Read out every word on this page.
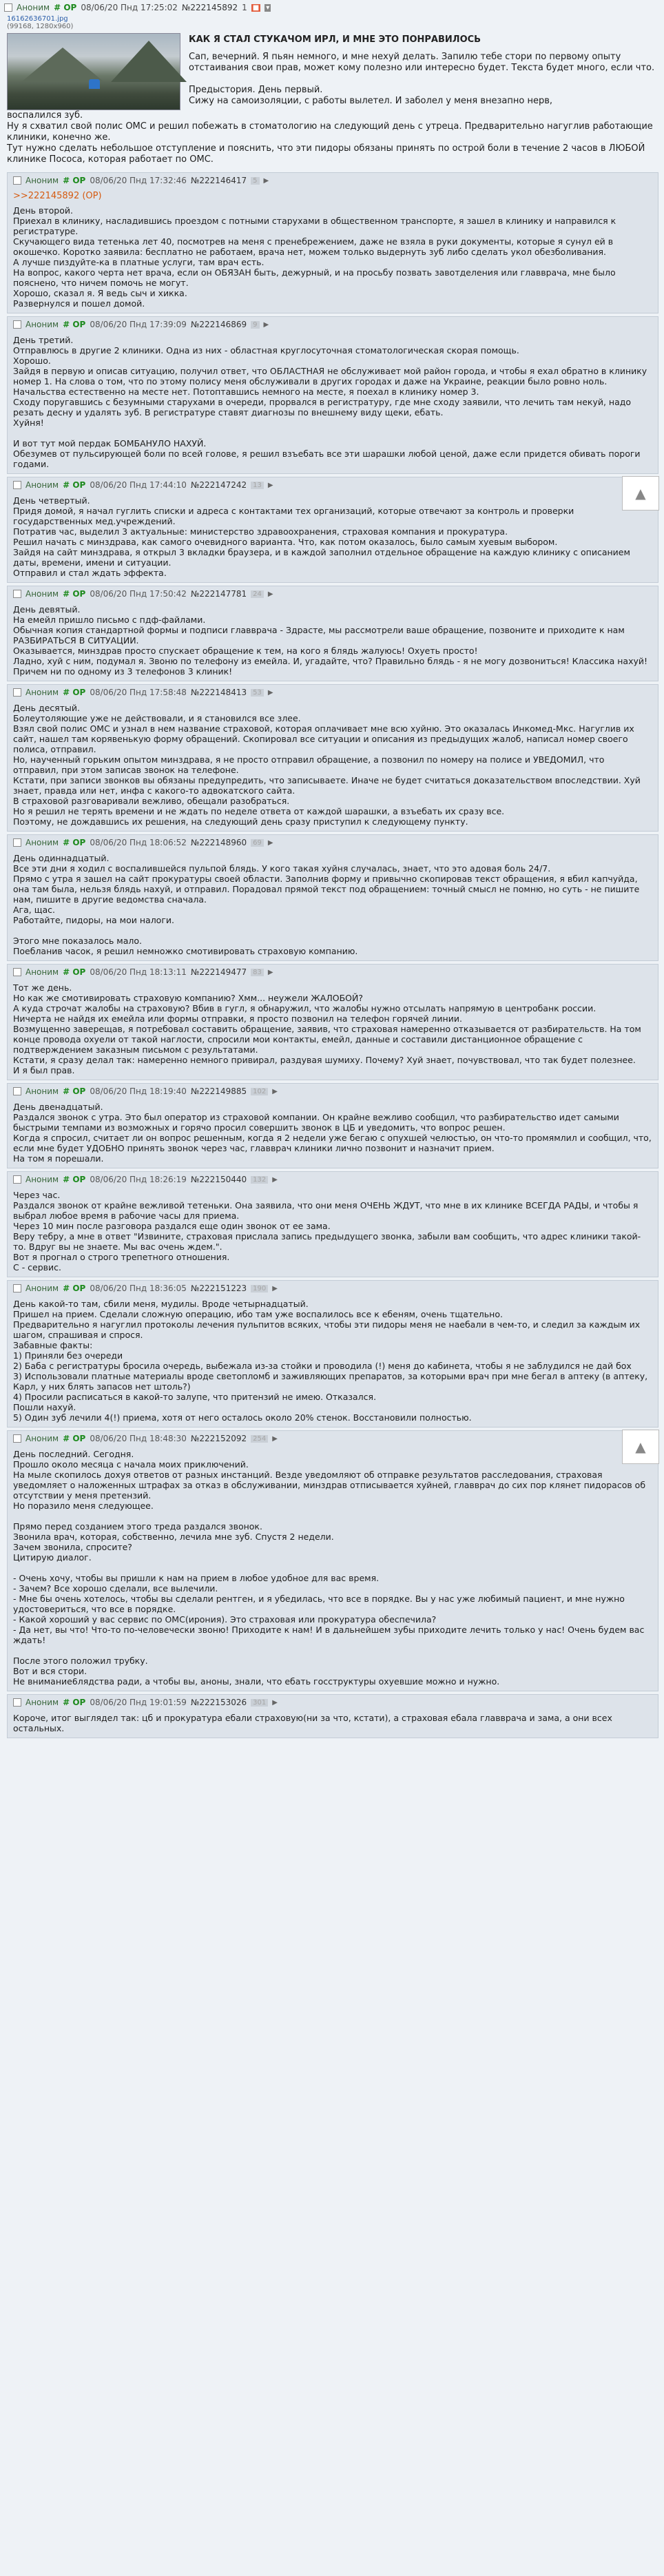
Аноним # OP 08/06/20 Пнд 17:25:02 №222145892 1 ■ ▾
16162636701.jpg
(99168, 1280x960)
КАК Я СТАЛ СТУКАЧОМ ИРЛ, И МНЕ ЭТО ПОНРАВИЛОСЬ
Сап, вечерний. Я пьян немного, и мне нехуй делать. Запилю тебе стори по первому опыту отстаивания свои прав, может кому полезно или интересно будет. Текста будет много, если что.

Предыстория. День первый.
Сижу на самоизоляции, с работы вылетел. И заболел у меня внезапно нерв,
воспалился зуб.
Ну я схватил свой полис ОМС и решил побежать в стоматологию на следующий день с утреца. Предварительно нагуглив работающие клиники, конечно же.
Тут нужно сделать небольшое отступление и пояснить, что эти пидоры обязаны принять по острой боли в течение 2 часов в ЛЮБОЙ клинике Пососа, которая работает по ОМС.
Аноним # OP 08/06/20 Пнд 17:32:46 №222146417 5 ▶
>>222145892 (OP)
День второй.
Приехал в клинику, насладившись проездом с потными старухами в общественном транспорте, я зашел в клинику и направился к регистратуре.
Скучающего вида тетенька лет 40, посмотрев на меня с пренебрежением, даже не взяла в руки документы, которые я сунул ей в окошечко. Коротко заявила: бесплатно не работаем, врача нет, можем только выдернуть зуб либо сделать укол обезболивания.
А лучше пиздуйте-ка в платные услуги, там врач есть.
На вопрос, какого черта нет врача, если он ОБЯЗАН быть, дежурный, и на просьбу позвать завотделения или главврача, мне было пояснено, что ничем помочь не могут.
Хорошо, сказал я. Я ведь сыч и хикка.
Развернулся и пошел домой.
Аноним # OP 08/06/20 Пнд 17:39:09 №222146869 9 ▶
День третий.
Отправлюсь в другие 2 клиники. Одна из них - областная круглосуточная стоматологическая скорая помощь.
Хорошо.
Зайдя в первую и описав ситуацию, получил ответ, что ОБЛАСТНАЯ не обслуживает мой район города, и чтобы я ехал обратно в клинику номер 1. На слова о том, что по этому полису меня обслуживали в других городах и даже на Украине, реакции было ровно ноль. Начальства естественно на месте нет. Потоптавшись немного на месте, я поехал в клинику номер 3.
Сходу поругавшись с безумными старухами в очереди, прорвался в регистратуру, где мне сходу заявили, что лечить там некуй, надо резать десну и удалять зуб. В регистратуре ставят диагнозы по внешнему виду щеки, ебать.
Хуйня!

И вот тут мой пердак БОМБАНУЛО НАХУЙ.
Обезумев от пульсирующей боли по всей голове, я решил взъебать все эти шарашки любой ценой, даже если придется обивать пороги годами.
Аноним # OP 08/06/20 Пнд 17:44:10 №222147242 13 ▶
День четвертый.
Придя домой, я начал гуглить списки и адреса с контактами тех организаций, которые отвечают за контроль и проверки государственных мед.учреждений.
Потратив час, выделил 3 актуальные: министерство здравоохранения, страховая компания и прокуратура.
Решил начать с минздрава, как самого очевидного варианта. Что, как потом оказалось, было самым хуевым выбором.
Зайдя на сайт минздрава, я открыл 3 вкладки браузера, и в каждой заполнил отдельное обращение на каждую клинику с описанием даты, времени, имени и ситуации.
Отправил и стал ждать эффекта.
▲
Аноним # OP 08/06/20 Пнд 17:50:42 №222147781 24 ▶
День девятый.
На емейл пришло письмо с пдф-файлами.
Обычная копия стандартной формы и подписи главврача - Здрасте, мы рассмотрели ваше обращение, позвоните и приходите к нам РАЗБИРАТЬСЯ В СИТУАЦИИ.
Оказывается, минздрав просто спускает обращение к тем, на кого я блядь жалуюсь! Охуеть просто!
Ладно, хуй с ним, подумал я. Звоню по телефону из емейла. И, угадайте, что? Правильно блядь - я не могу дозвониться! Классика нахуй! Причем ни по одному из 3 телефонов 3 клиник!
Аноним # OP 08/06/20 Пнд 17:58:48 №222148413 53 ▶
День десятый.
Болеутоляющие уже не действовали, и я становился все злее.
Взял свой полис ОМС и узнал в нем название страховой, которая оплачивает мне всю хуйню. Это оказалась Инкомед-Мкс. Нагуглив их сайт, нашел там корявенькую форму обращений. Скопировал все ситуации и описания из предыдущих жалоб, написал номер своего полиса, отправил.
Но, наученный горьким опытом минздрава, я не просто отправил обращение, а позвонил по номеру на полисе и УВЕДОМИЛ, что отправил, при этом записав звонок на телефоне.
Кстати, при записи звонков вы обязаны предупредить, что записываете. Иначе не будет считаться доказательством впоследствии. Хуй знает, правда или нет, инфа с какого-то адвокатского сайта.
В страховой разговаривали вежливо, обещали разобраться.
Но я решил не терять времени и не ждать по неделе ответа от каждой шарашки, а взъебать их сразу все.
Поэтому, не дождавшись их решения, на следующий день сразу приступил к следующему пункту.
Аноним # OP 08/06/20 Пнд 18:06:52 №222148960 69 ▶
День одиннадцатый.
Все эти дни я ходил с воспалившейся пульпой блядь. У кого такая хуйня случалась, знает, что это адовая боль 24/7.
Прямо с утра я зашел на сайт прокуратуры своей области. Заполнив форму и привычно скопировав текст обращения, я вбил капчуйда, она там была, нельзя блядь нахуй, и отправил. Порадовал прямой текст под обращением: точный смысл не помню, но суть - не пишите нам, пишите в другие ведомства сначала.
Ага, щас.
Работайте, пидоры, на мои налоги.

Этого мне показалось мало.
Поебланив часок, я решил немножко смотивировать страховую компанию.
Аноним # OP 08/06/20 Пнд 18:13:11 №222149477 83 ▶
Тот же день.
Но как же смотивировать страховую компанию? Хмм... неужели ЖАЛОБОЙ?
А куда строчат жалобы на страховую? Вбив в гугл, я обнаружил, что жалобы нужно отсылать напрямую в центробанк россии.
Ничерта не найдя их емейла или формы отправки, я просто позвонил на телефон горячей линии.
Возмущенно заверещав, я потребовал составить обращение, заявив, что страховая намеренно отказывается от разбирательств. На том конце провода охуели от такой наглости, спросили мои контакты, емейл, данные и составили дистанционное обращение с подтверждением заказным письмом с результатами.
Кстати, я сразу делал так: намеренно немного привирал, раздувая шумиху. Почему? Хуй знает, почувствовал, что так будет полезнее.
И я был прав.
Аноним # OP 08/06/20 Пнд 18:19:40 №222149885 102 ▶
День двенадцатый.
Раздался звонок с утра. Это был оператор из страховой компании. Он крайне вежливо сообщил, что разбирательство идет самыми быстрыми темпами из возможных и горячо просил совершить звонок в ЦБ и уведомить, что вопрос решен.
Когда я спросил, считает ли он вопрос решенным, когда я 2 недели уже бегаю с опухшей челюстью, он что-то промямлил и сообщил, что, если мне будет УДОБНО принять звонок через час, главврач клиники лично позвонит и назначит прием.
На том я порешали.
Аноним # OP 08/06/20 Пнд 18:26:19 №222150440 132 ▶
Через час.
Раздался звонок от крайне вежливой тетеньки. Она заявила, что они меня ОЧЕНЬ ЖДУТ, что мне в их клинике ВСЕГДА РАДЫ, и чтобы я выбрал любое время в рабочие часы для приема.
Через 10 мин после разговора раздался еще один звонок от ее зама.
Веру тебру, а мне в ответ "Извините, страховая прислала запись предыдущего звонка, забыли вам сообщить, что адрес клиники такой-то. Вдруг вы не знаете. Мы вас очень ждем.".
Вот я прогнал о строго трепетного отношения.
С - сервис.
Аноним # OP 08/06/20 Пнд 18:36:05 №222151223 190 ▶
День какой-то там, сбили меня, мудилы. Вроде четырнадцатый.
Пришел на прием. Сделали сложную операцию, ибо там уже воспалилось все к ебеням, очень тщательно.
Предварительно я нагуглил протоколы лечения пульпитов всяких, чтобы эти пидоры меня не наебали в чем-то, и следил за каждым их шагом, спрашивая и спрося.
Забавные факты:
1) Приняли без очереди
2) Баба с регистратуры бросила очередь, выбежала из-за стойки и проводила (!) меня до кабинета, чтобы я не заблудился не дай бох
3) Использовали платные материалы вроде светопломб и заживляющих препаратов, за которыми врач при мне бегал в аптеку (в аптеку, Карл, у них блять запасов нет штоль?)
4) Просили расписаться в какой-то залупе, что притензий не имею. Отказался.
Пошли нахуй.
5) Один зуб лечили 4(!) приема, хотя от него осталось около 20% стенок. Восстановили полностью.
Аноним # OP 08/06/20 Пнд 18:48:30 №222152092 254 ▶
День последний. Сегодня.
Прошло около месяца с начала моих приключений.
На мыле скопилось дохуя ответов от разных инстанций. Везде уведомляют об отправке результатов расследования, страховая уведомляет о наложенных штрафах за отказ в обслуживании, минздрав отписывается хуйней, главврач до сих пор клянет пидорасов об отсутствии у меня претензий.
Но поразило меня следующее.

Прямо перед созданием этого треда раздался звонок.
Звонила врач, которая, собственно, лечила мне зуб. Спустя 2 недели.
Зачем звонила, спросите?
Цитирую диалог.

- Очень хочу, чтобы вы пришли к нам на прием в любое удобное для вас время.
- Зачем? Все хорошо сделали, все вылечили.
- Мне бы очень хотелось, чтобы вы сделали рентген, и я убедилась, что все в порядке. Вы у нас уже любимый пациент, и мне нужно удостовериться, что все в порядке.
- Какой хороший у вас сервис по ОМС(ирония). Это страховая или прокуратура обеспечила?
- Да нет, вы что! Что-то по-человечески звоню! Приходите к нам! И в дальнейшем зубы приходите лечить только у нас! Очень будем вас ждать!

После этого положил трубку.
Вот и вся стори.
Не внимание6лядства ради, а чтобы вы, аноны, знали, что ебать госструктуры охуевшие можно и нужно.
▲
Аноним # OP 08/06/20 Пнд 19:01:59 №222153026 301 ▶
Короче, итог выглядел так: цб и прокуратура ебали страховую(ни за что, кстати), а страховая ебала главврача и зама, а они всех остальных.
